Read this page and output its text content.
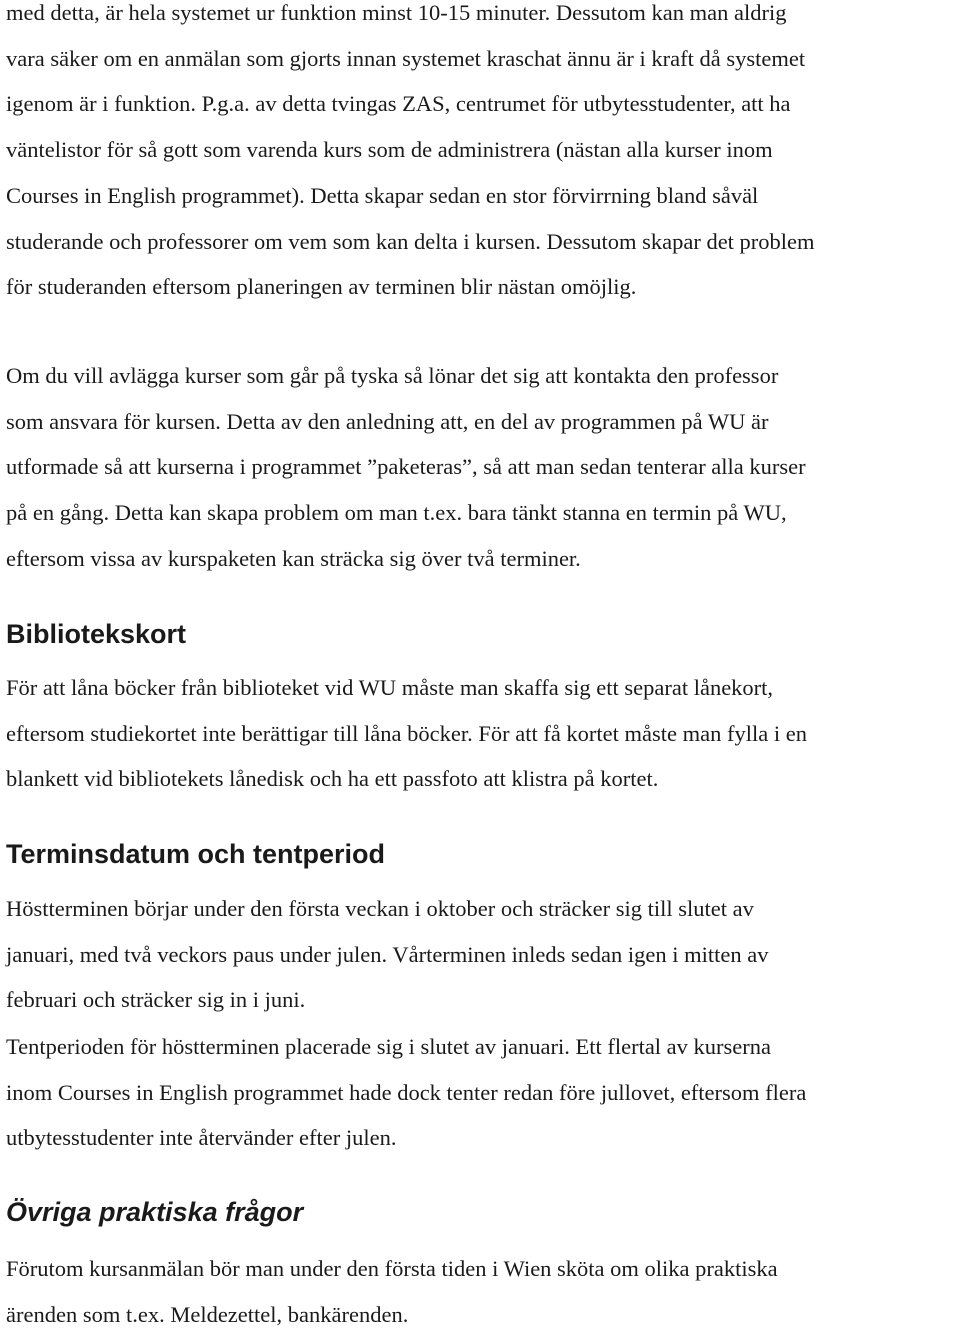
med detta, är hela systemet ur funktion minst 10-15 minuter. Dessutom kan man aldrig
vara säker om en anmälan som gjorts innan systemet kraschat ännu är i kraft då systemet
igenom är i funktion. P.g.a. av detta tvingas ZAS, centrumet för utbytesstudenter, att ha
väntelistor för så gott som varenda kurs som de administrera (nästan alla kurser inom
Courses in English programmet). Detta skapar sedan en stor förvirrning bland såväl
studerande och professorer om vem som kan delta i kursen. Dessutom skapar det problem
för studeranden eftersom planeringen av terminen blir nästan omöjlig.

Om du vill avlägga kurser som går på tyska så lönar det sig att kontakta den professor
som ansvara för kursen. Detta av den anledning att, en del av programmen på WU är
utformade så att kurserna i programmet ”paketeras”, så att man sedan tenterar alla kurser
på en gång. Detta kan skapa problem om man t.ex. bara tänkt stanna en termin på WU,
eftersom vissa av kurspaketen kan sträcka sig över två terminer.

Bibliotekskort

För att låna böcker från biblioteket vid WU måste man skaffa sig ett separat lånekort,
eftersom studiekortet inte berättigar till låna böcker. För att få kortet måste man fylla i en
blankett vid bibliotekets lånedisk och ha ett passfoto att klistra på kortet.

Terminsdatum och tentperiod

Höstterminen börjar under den första veckan i oktober och sträcker sig till slutet av
januari, med två veckors paus under julen. Vårterminen inleds sedan igen i mitten av
februari och sträcker sig in i juni.

Tentperioden för höstterminen placerade sig i slutet av januari. Ett flertal av kurserna
inom Courses in English programmet hade dock tenter redan före jullovet, eftersom flera
utbytesstudenter inte återvänder efter julen.

Övriga praktiska frågor

Förutom kursanmälan bör man under den första tiden i Wien sköta om olika praktiska
ärenden som t.ex. Meldezettel, bankärenden.
